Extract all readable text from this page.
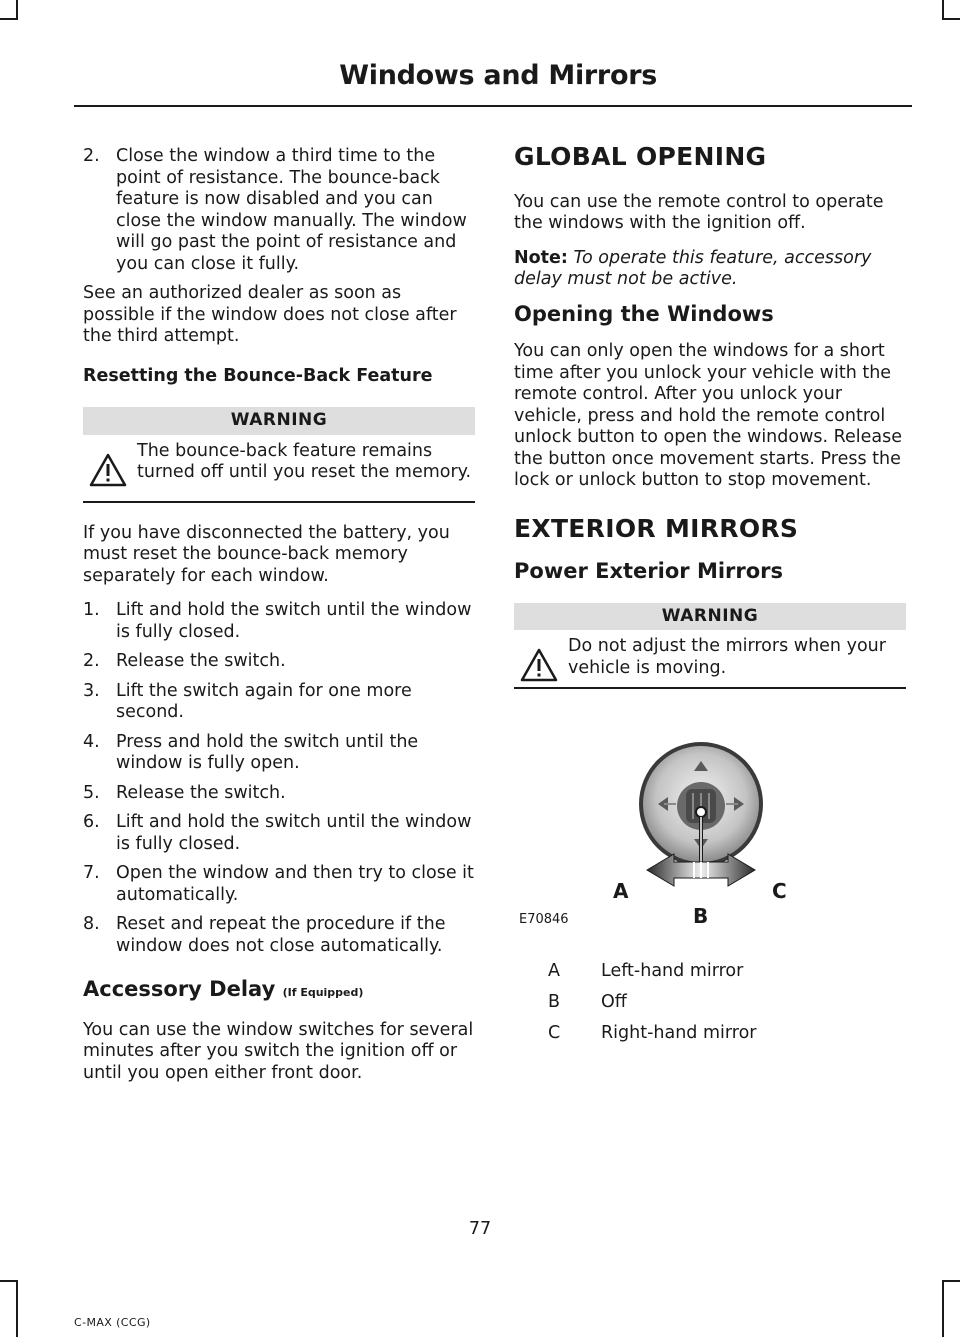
Windows and Mirrors
2. Close the window a third time to the point of resistance. The bounce-back feature is now disabled and you can close the window manually. The window will go past the point of resistance and you can close it fully.

See an authorized dealer as soon as possible if the window does not close after the third attempt.

Resetting the Bounce-Back Feature
WARNING
The bounce-back feature remains turned off until you reset the memory.

If you have disconnected the battery, you must reset the bounce-back memory separately for each window.

1. Lift and hold the switch until the window is fully closed.
2. Release the switch.
3. Lift the switch again for one more second.
4. Press and hold the switch until the window is fully open.
5. Release the switch.
6. Lift and hold the switch until the window is fully closed.
7. Open the window and then try to close it automatically.
8. Reset and repeat the procedure if the window does not close automatically.
Accessory Delay (If Equipped)

You can use the window switches for several minutes after you switch the ignition off or until you open either front door.

GLOBAL OPENING

You can use the remote control to operate the windows with the ignition off.

Note: To operate this feature, accessory delay must not be active.

Opening the Windows

You can only open the windows for a short time after you unlock your vehicle with the remote control. After you unlock your vehicle, press and hold the remote control unlock button to open the windows. Release the button once movement starts. Press the lock or unlock button to stop movement.

EXTERIOR MIRRORS
Power Exterior Mirrors
WARNING
Do not adjust the mirrors when your vehicle is moving.
A
B
C
E70846
A Left-hand mirror
B Off
C Right-hand mirror
77
C-MAX (CCG)
